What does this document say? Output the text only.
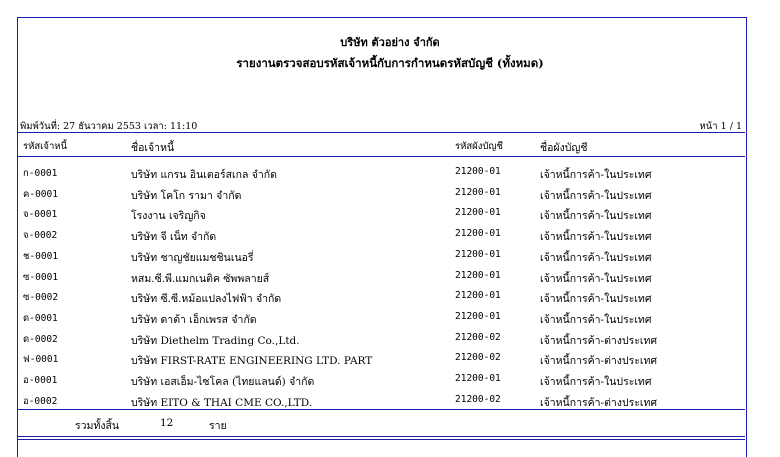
บริษัท ตัวอย่าง จำกัด
รายงานตรวจสอบรหัสเจ้าหนี้กับการกำหนดรหัสบัญชี (ทั้งหมด)
พิมพ์วันที่: 27 ธันวาคม 2553 เวลา: 11:10	หน้า 1 / 1
รหัสเจ้าหนี้	ชื่อเจ้าหนี้	รหัสผังบัญชี	ชื่อผังบัญชี
ก-0001	บริษัท แกรน อินเตอร์สเกล จำกัด	21200-01	เจ้าหนี้การค้า-ในประเทศ
ค-0001	บริษัท โคโก รามา จำกัด	21200-01	เจ้าหนี้การค้า-ในประเทศ
จ-0001	โรงงาน เจริญกิจ	21200-01	เจ้าหนี้การค้า-ในประเทศ
จ-0002	บริษัท จี เน็ท จำกัด	21200-01	เจ้าหนี้การค้า-ในประเทศ
ช-0001	บริษัท ชาญชัยแมชชินเนอรี่	21200-01	เจ้าหนี้การค้า-ในประเทศ
ซ-0001	หสม.ซี.พี.แมกเนติค ซัพพลายส์	21200-01	เจ้าหนี้การค้า-ในประเทศ
ซ-0002	บริษัท ซี.ซี.หม้อแปลงไฟฟ้า จำกัด	21200-01	เจ้าหนี้การค้า-ในประเทศ
ด-0001	บริษัท ดาต้า เอ็กเพรส จำกัด	21200-01	เจ้าหนี้การค้า-ในประเทศ
ด-0002	บริษัท Diethelm Trading Co.,Ltd.	21200-02	เจ้าหนี้การค้า-ต่างประเทศ
ฟ-0001	บริษัท FIRST-RATE ENGINEERING LTD. PART	21200-02	เจ้าหนี้การค้า-ต่างประเทศ
อ-0001	บริษัท เอสเอ็ม-ไซโคล (ไทยแลนด์) จำกัด	21200-01	เจ้าหนี้การค้า-ในประเทศ
อ-0002	บริษัท EITO & THAI CME CO.,LTD.	21200-02	เจ้าหนี้การค้า-ต่างประเทศ
รวมทั้งสิ้น	12	ราย
